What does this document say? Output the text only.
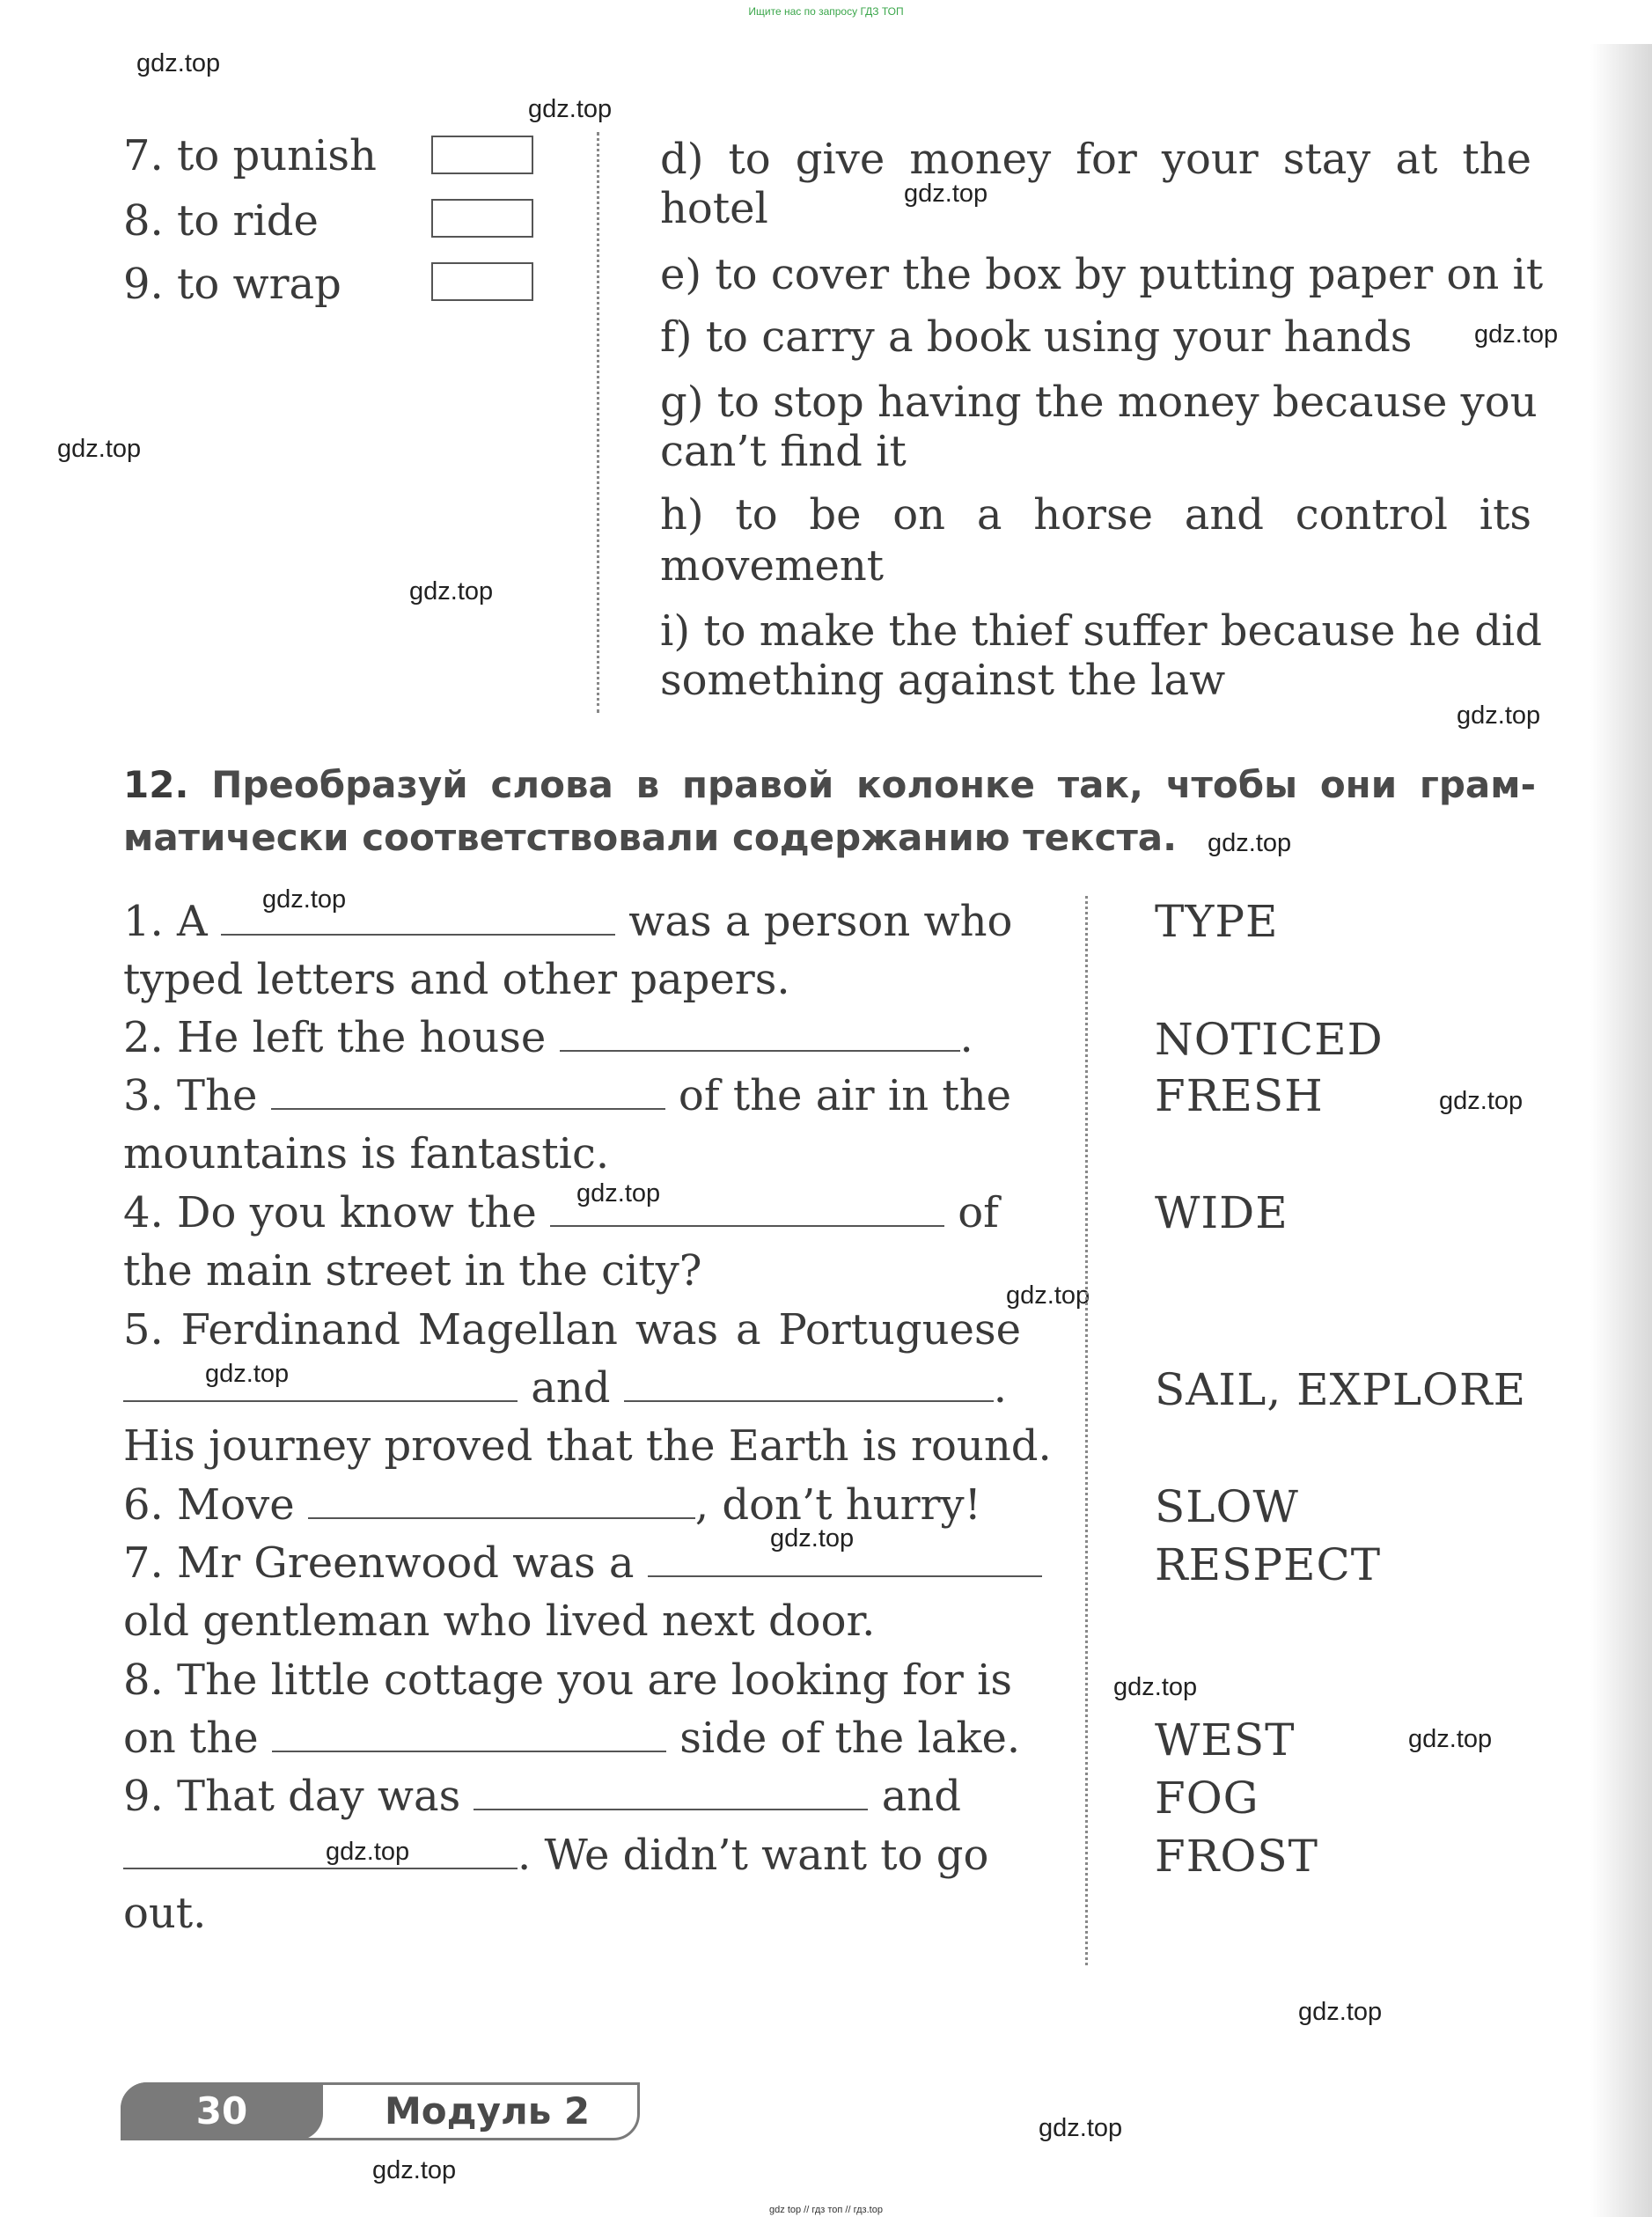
Ищите нас по запросу ГДЗ ТОП
gdz.top
gdz.top
gdz.top
gdz.top
gdz.top
gdz.top
gdz.top
gdz.top
gdz.top
gdz.top
gdz.top
gdz.top
gdz.top
gdz.top
gdz.top
gdz.top
gdz.top
gdz.top
gdz.top
gdz.top
7. to punish
8. to ride
9. to wrap
d) to give money for your stay at the
hotel
e) to cover the box by putting paper on it
f) to carry a book using your hands
g) to stop having the money because you
can’t find it
h) to be on a horse and control its
movement
i) to make the thief suffer because he did
something against the law
12. Преобразуй слова в правой колонке так, чтобы они грам-
матически соответствовали содержанию текста.
1. A	was a person who
typed letters and other papers.
2. He left the house	.
3. The	of the air in the
mountains is fantastic.
4. Do you know the	of
the main street in the city?
5. Ferdinand Magellan was a Portuguese
and	.
His journey proved that the Earth is round.
6. Move	, don’t hurry!
7. Mr Greenwood was a
old gentleman who lived next door.
8. The little cottage you are looking for is
on the	side of the lake.
9. That day was	and
. We didn’t want to go
out.
TYPE
NOTICED
FRESH
WIDE
SAIL, EXPLORE
SLOW
RESPECT
WEST
FOG
FROST
30	Модуль 2
gdz top // гдз топ // гдз.top
